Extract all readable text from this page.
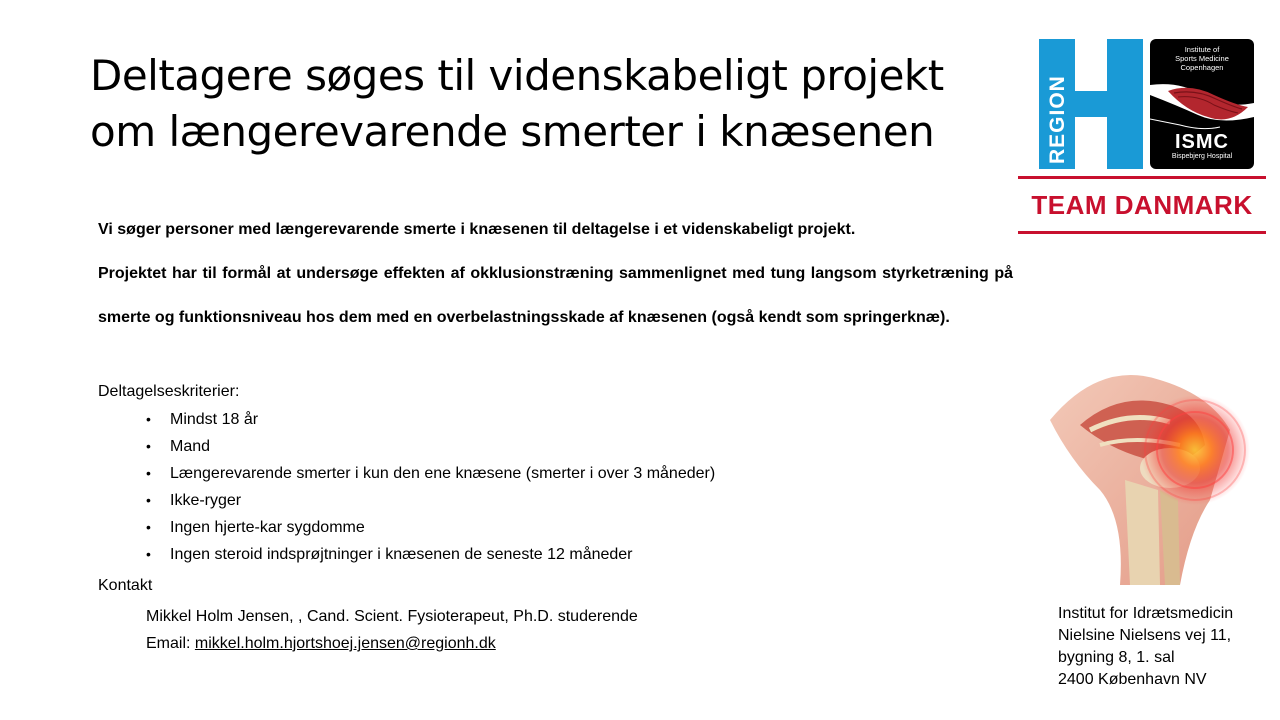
Deltagere søges til videnskabeligt projekt
om længerevarende smerter i knæsenen	REGION
Institute of
Sports Medicine
Copenhagen
ISMC
Bispebjerg Hospital
TEAM DANMARK

Vi søger personer med længerevarende smerte i knæsenen til deltagelse i et videnskabeligt projekt.

Projektet har til formål at undersøge effekten af okklusionstræning sammenlignet med tung langsom styrketræning på smerte og funktionsniveau hos dem med en overbelastningsskade af knæsenen (også kendt som springerknæ).

Deltagelseskriterier:
• Mindst 18 år
• Mand
• Længerevarende smerter i kun den ene knæsene (smerter i over 3 måneder)
• Ikke-ryger
• Ingen hjerte-kar sygdomme
• Ingen steroid indsprøjtninger i knæsenen de seneste 12 måneder
Kontakt
Mikkel Holm Jensen, , Cand. Scient. Fysioterapeut, Ph.D. studerende
Email: mikkel.holm.hjortshoej.jensen@regionh.dk
Institut for Idrætsmedicin
Nielsine Nielsens vej 11,
bygning 8, 1. sal
2400 København NV
